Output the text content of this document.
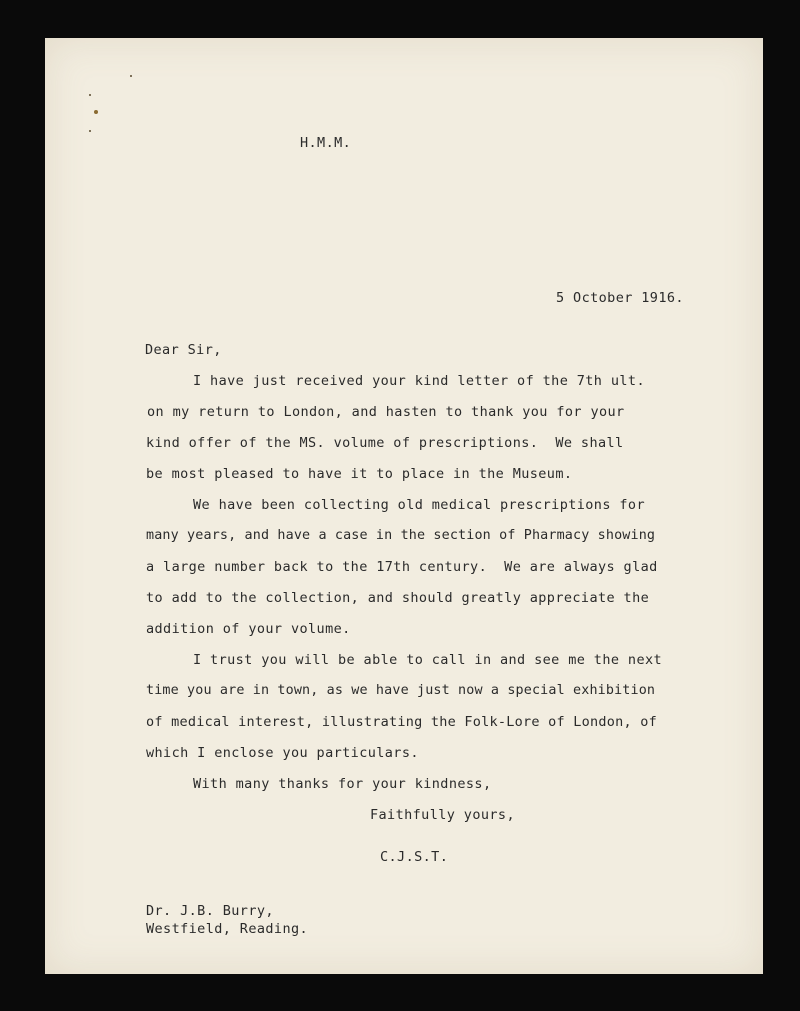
H.M.M.
5 October 1916.
Dear Sir,
I have just received your kind letter of the 7th ult.
on my return to London, and hasten to thank you for your
kind offer of the MS. volume of prescriptions.  We shall
be most pleased to have it to place in the Museum.
We have been collecting old medical prescriptions for
many years, and have a case in the section of Pharmacy showing
a large number back to the 17th century.  We are always glad
to add to the collection, and should greatly appreciate the
addition of your volume.
I trust you will be able to call in and see me the next
time you are in town, as we have just now a special exhibition
of medical interest, illustrating the Folk-Lore of London, of
which I enclose you particulars.
With many thanks for your kindness,
Faithfully yours,
C.J.S.T.
Dr. J.B. Burry,
Westfield, Reading.
